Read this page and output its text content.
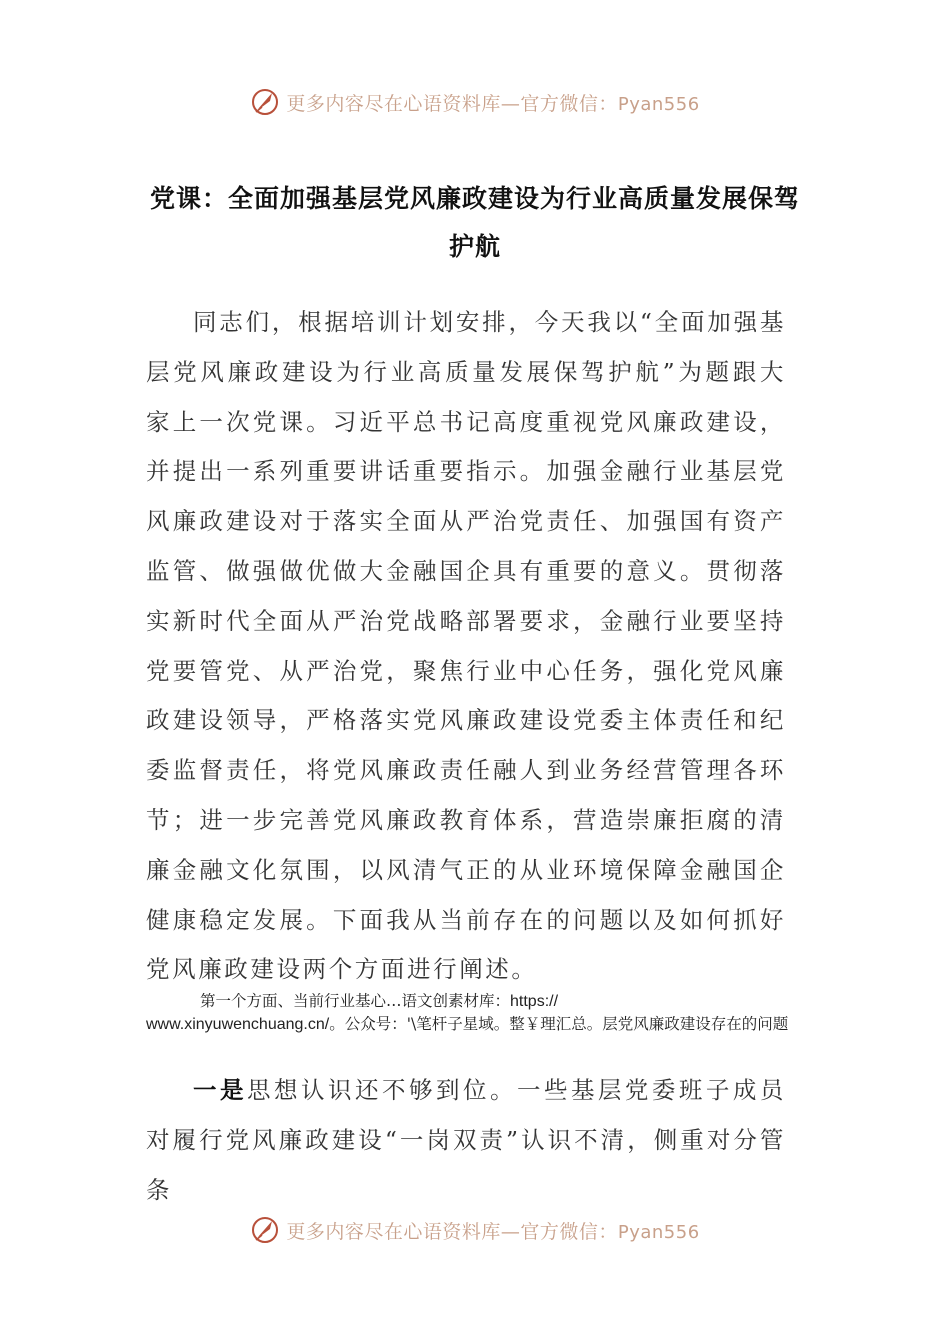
更多内容尽在心语资料库—官方微信：Pyan556
党课：全面加强基层党风廉政建设为行业高质量发展保驾护航

同志们，根据培训计划安排，今天我以“全面加强基层党风廉政建设为行业高质量发展保驾护航”为题跟大家上一次党课。习近平总书记高度重视党风廉政建设，并提出一系列重要讲话重要指示。加强金融行业基层党风廉政建设对于落实全面从严治党责任、加强国有资产监管、做强做优做大金融国企具有重要的意义。贯彻落实新时代全面从严治党战略部署要求，金融行业要坚持党要管党、从严治党，聚焦行业中心任务，强化党风廉政建设领导，严格落实党风廉政建设党委主体责任和纪委监督责任，将党风廉政责任融人到业务经营管理各环节；进一步完善党风廉政教育体系，营造崇廉拒腐的清廉金融文化氛围，以风清气正的从业环境保障金融国企健康稳定发展。下面我从当前存在的问题以及如何抓好党风廉政建设两个方面进行阐述。

第一个方面、当前行业基心…语文创素材库：https://
www.xinyuwenchuang.cn/。公众号：'\笔杆子星域。整￥理汇总。层党风廉政建设存在的问题
一是思想认识还不够到位。一些基层党委班子成员对履行党风廉政建设“一岗双责”认识不清，侧重对分管条
更多内容尽在心语资料库—官方微信：Pyan556
